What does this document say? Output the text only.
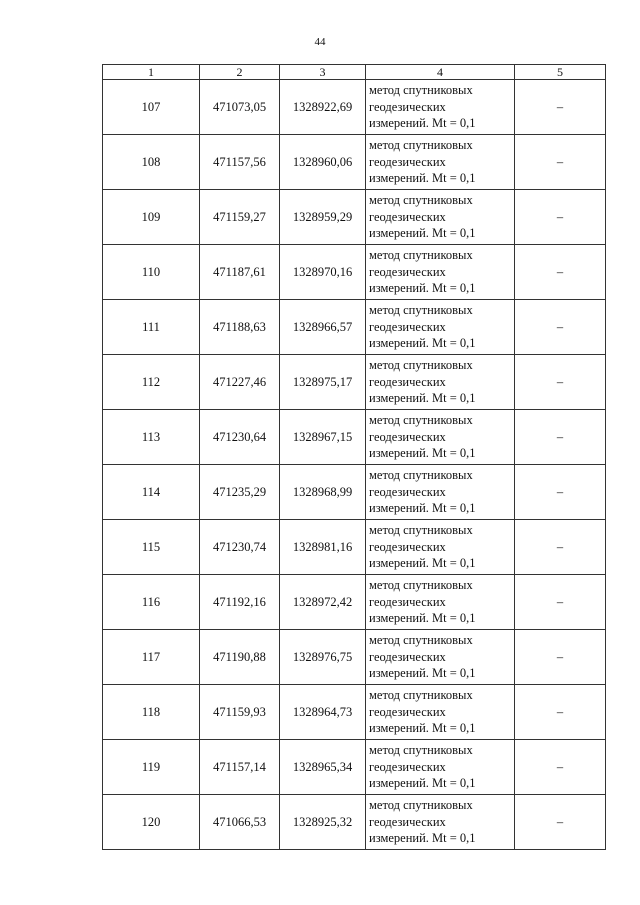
44
1	2	3	4	5
107	471073,05	1328922,69	метод спутниковых
геодезических
измерений. Mt = 0,1	–
108	471157,56	1328960,06	метод спутниковых
геодезических
измерений. Mt = 0,1	–
109	471159,27	1328959,29	метод спутниковых
геодезических
измерений. Mt = 0,1	–
110	471187,61	1328970,16	метод спутниковых
геодезических
измерений. Mt = 0,1	–
111	471188,63	1328966,57	метод спутниковых
геодезических
измерений. Mt = 0,1	–
112	471227,46	1328975,17	метод спутниковых
геодезических
измерений. Mt = 0,1	–
113	471230,64	1328967,15	метод спутниковых
геодезических
измерений. Mt = 0,1	–
114	471235,29	1328968,99	метод спутниковых
геодезических
измерений. Mt = 0,1	–
115	471230,74	1328981,16	метод спутниковых
геодезических
измерений. Mt = 0,1	–
116	471192,16	1328972,42	метод спутниковых
геодезических
измерений. Mt = 0,1	–
117	471190,88	1328976,75	метод спутниковых
геодезических
измерений. Mt = 0,1	–
118	471159,93	1328964,73	метод спутниковых
геодезических
измерений. Mt = 0,1	–
119	471157,14	1328965,34	метод спутниковых
геодезических
измерений. Mt = 0,1	–
120	471066,53	1328925,32	метод спутниковых
геодезических
измерений. Mt = 0,1	–
